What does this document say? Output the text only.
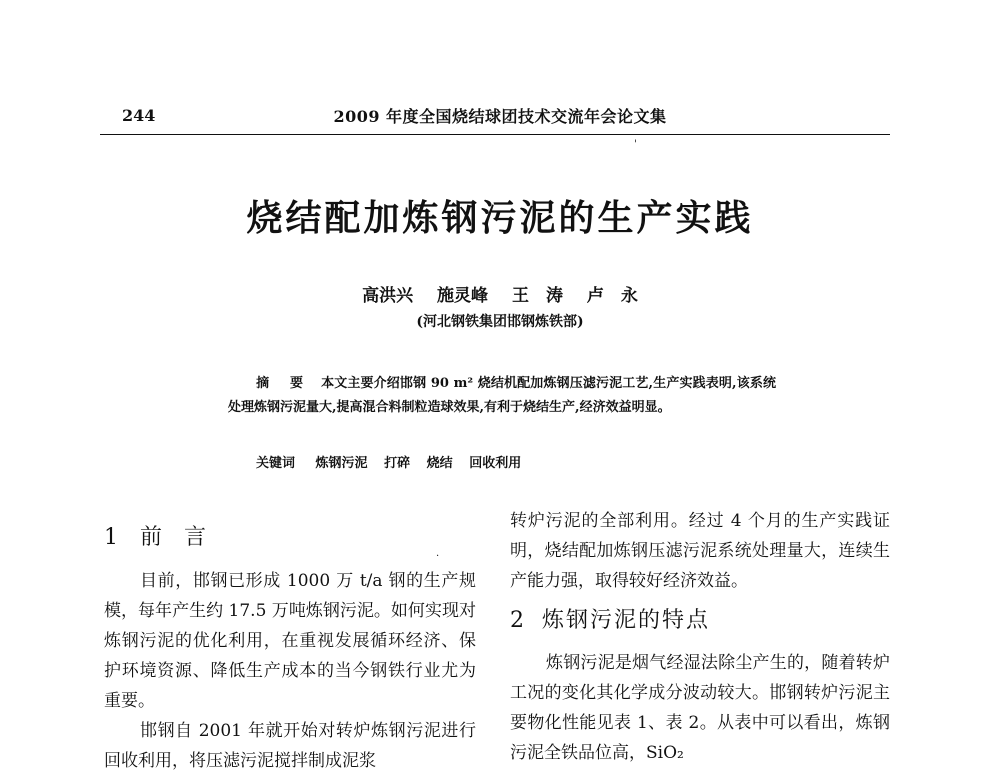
244	2009 年度全国烧结球团技术交流年会论文集
'
烧结配加炼钢污泥的生产实践
高洪兴 施灵峰 王　涛 卢　永
(河北钢铁集团邯钢炼铁部)
摘 要 本文主要介绍邯钢 90 m² 烧结机配加炼钢压滤污泥工艺,生产实践表明,该系统处理炼钢污泥量大,提高混合料制粒造球效果,有利于烧结生产,经济效益明显。
关键词 炼钢污泥 打碎 烧结 回收利用
1 前言
.

目前，邯钢已形成 1000 万 t/a 钢的生产规模，每年产生约 17.5 万吨炼钢污泥。如何实现对炼钢污泥的优化利用，在重视发展循环经济、保护环境资源、降低生产成本的当今钢铁行业尤为重要。

邯钢自 2001 年就开始对转炉炼钢污泥进行回收利用，将压滤污泥搅拌制成泥浆

转炉污泥的全部利用。经过 4 个月的生产实践证明，烧结配加炼钢压滤污泥系统处理量大，连续生产能力强，取得较好经济效益。

2 炼钢污泥的特点

炼钢污泥是烟气经湿法除尘产生的，随着转炉工况的变化其化学成分波动较大。邯钢转炉污泥主要物化性能见表 1、表 2。从表中可以看出，炼钢污泥全铁品位高，SiO₂
